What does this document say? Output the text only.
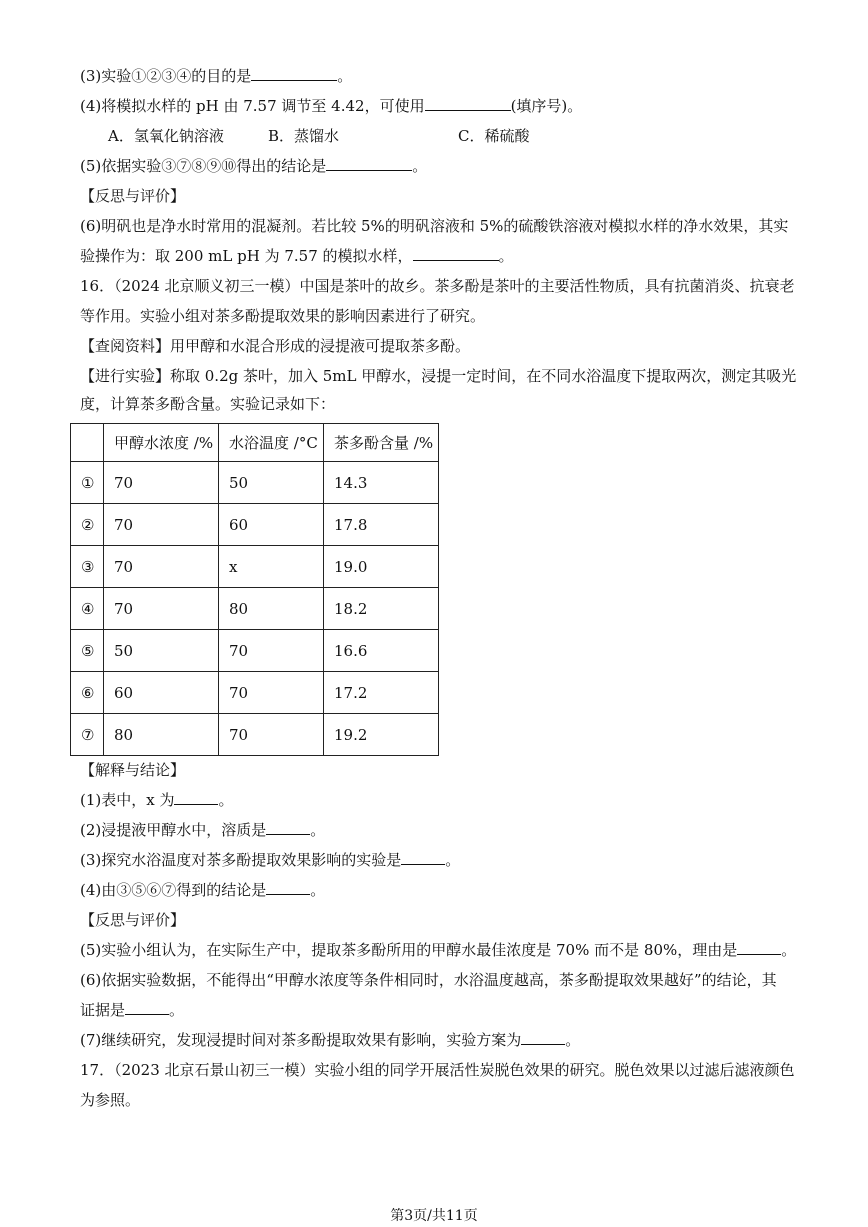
(3)实验①②③④的目的是	。
(4)将模拟水样的 pH 由 7.57 调节至 4.42，可使用	(填序号)。
A．氢氧化钠溶液	B．蒸馏水	C．稀硫酸
(5)依据实验③⑦⑧⑨⑩得出的结论是	。
【反思与评价】
(6)明矾也是净水时常用的混凝剂。若比较 5%的明矾溶液和 5%的硫酸铁溶液对模拟水样的净水效果，其实
验操作为：取 200 mL pH 为 7.57 的模拟水样，	。
16．（2024 北京顺义初三一模）中国是茶叶的故乡。茶多酚是茶叶的主要活性物质，具有抗菌消炎、抗衰老
等作用。实验小组对茶多酚提取效果的影响因素进行了研究。
【查阅资料】用甲醇和水混合形成的浸提液可提取茶多酚。
【进行实验】称取 0.2g 茶叶，加入 5mL 甲醇水，浸提一定时间，在不同水浴温度下提取两次，测定其吸光
度，计算茶多酚含量。实验记录如下：
	甲醇水浓度 /%	水浴温度 /°C	茶多酚含量 /%
①	70	50	14.3
②	70	60	17.8
③	70	x	19.0
④	70	80	18.2
⑤	50	70	16.6
⑥	60	70	17.2
⑦	80	70	19.2
【解释与结论】
(1)表中，x 为	。
(2)浸提液甲醇水中，溶质是	。
(3)探究水浴温度对茶多酚提取效果影响的实验是	。
(4)由③⑤⑥⑦得到的结论是	。
【反思与评价】
(5)实验小组认为，在实际生产中，提取茶多酚所用的甲醇水最佳浓度是 70% 而不是 80%，理由是	。
(6)依据实验数据，不能得出“甲醇水浓度等条件相同时，水浴温度越高，茶多酚提取效果越好”的结论，其
证据是	。
(7)继续研究，发现浸提时间对茶多酚提取效果有影响，实验方案为	。
17．（2023 北京石景山初三一模）实验小组的同学开展活性炭脱色效果的研究。脱色效果以过滤后滤液颜色
为参照。
第3页/共11页
